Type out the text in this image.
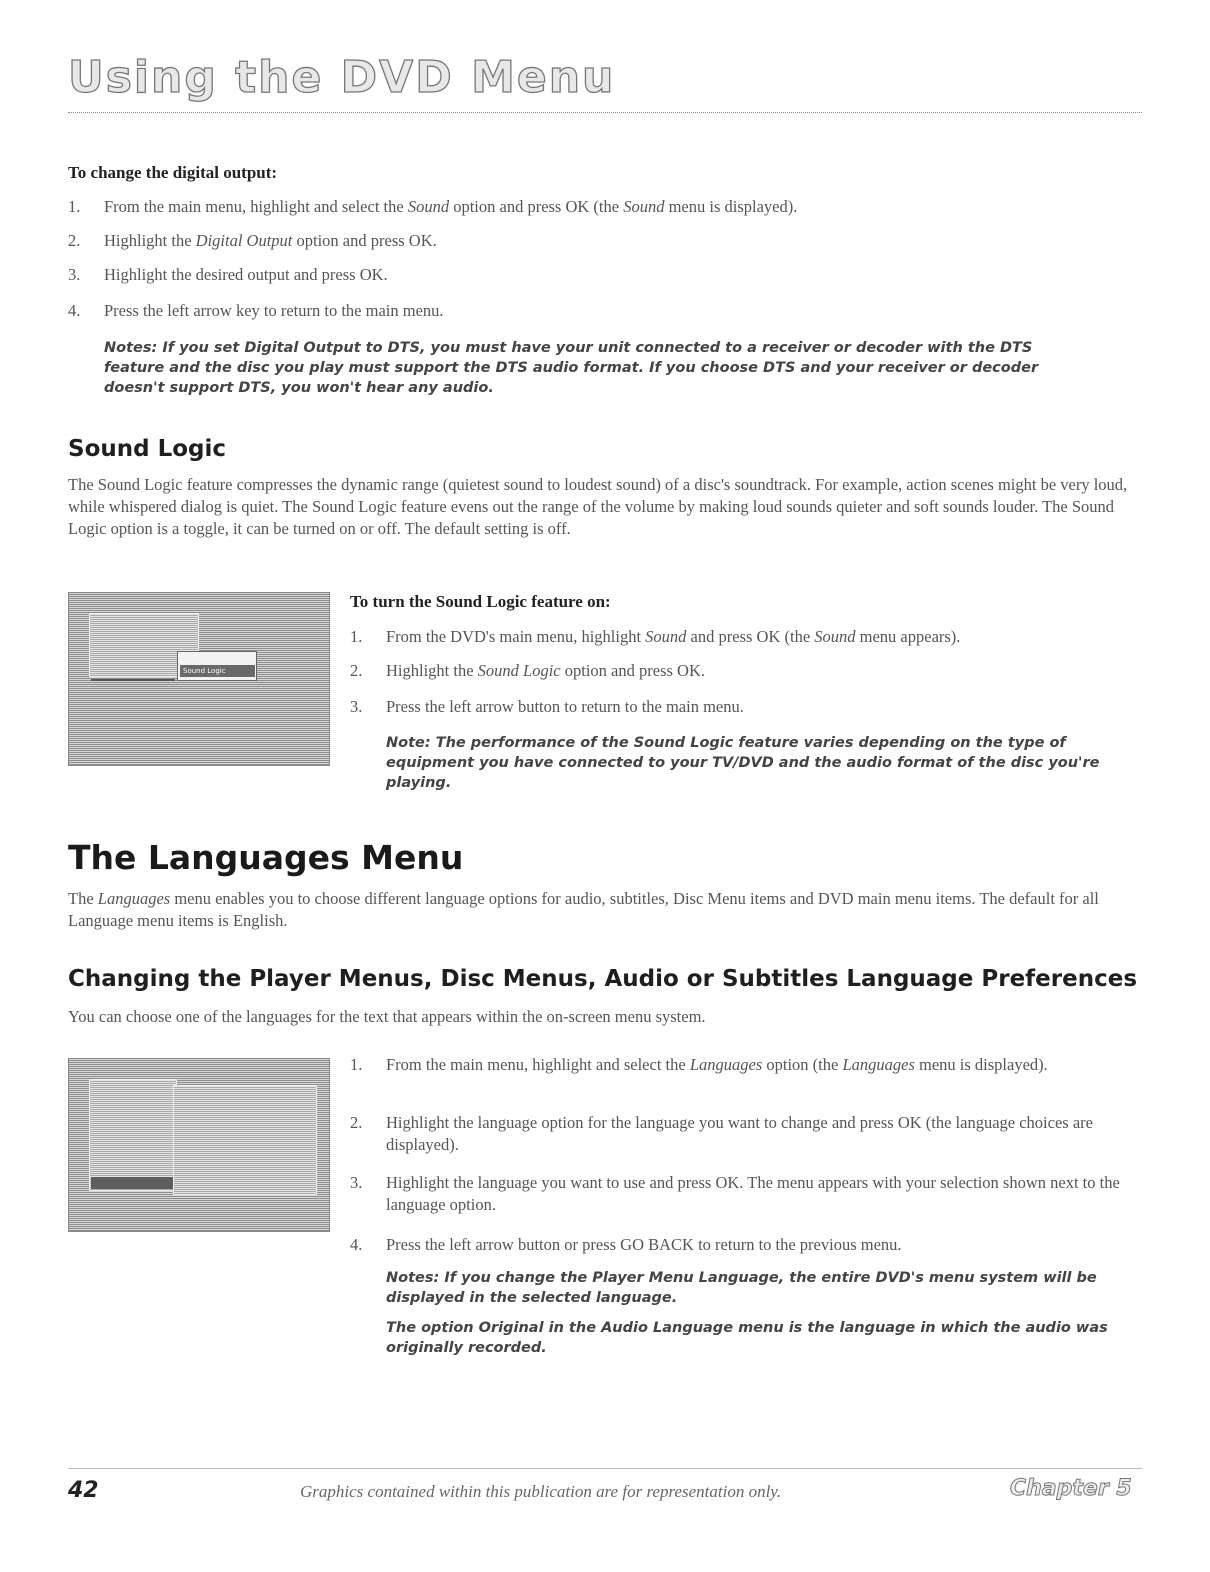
Using the DVD Menu
To change the digital output:
1. From the main menu, highlight and select the Sound option and press OK (the Sound menu is displayed).
2. Highlight the Digital Output option and press OK.
3. Highlight the desired output and press OK.
4. Press the left arrow key to return to the main menu.
Notes: If you set Digital Output to DTS, you must have your unit connected to a receiver or decoder with the DTS feature and the disc you play must support the DTS audio format. If you choose DTS and your receiver or decoder doesn't support DTS, you won't hear any audio.
Sound Logic
The Sound Logic feature compresses the dynamic range (quietest sound to loudest sound) of a disc's soundtrack. For example, action scenes might be very loud, while whispered dialog is quiet. The Sound Logic feature evens out the range of the volume by making loud sounds quieter and soft sounds louder. The Sound Logic option is a toggle, it can be turned on or off. The default setting is off.
Sound Logic
To turn the Sound Logic feature on:
1. From the DVD's main menu, highlight Sound and press OK (the Sound menu appears).
2. Highlight the Sound Logic option and press OK.
3. Press the left arrow button to return to the main menu.
Note: The performance of the Sound Logic feature varies depending on the type of equipment you have connected to your TV/DVD and the audio format of the disc you're playing.
The Languages Menu
The Languages menu enables you to choose different language options for audio, subtitles, Disc Menu items and DVD main menu items. The default for all Language menu items is English.
Changing the Player Menus, Disc Menus, Audio or Subtitles Language Preferences
You can choose one of the languages for the text that appears within the on-screen menu system.
1. From the main menu, highlight and select the Languages option (the Languages menu is displayed).
2. Highlight the language option for the language you want to change and press OK (the language choices are displayed).
3. Highlight the language you want to use and press OK. The menu appears with your selection shown next to the language option.
4. Press the left arrow button or press GO BACK to return to the previous menu.
Notes: If you change the Player Menu Language, the entire DVD's menu system will be displayed in the selected language.
The option Original in the Audio Language menu is the language in which the audio was originally recorded.
42	Graphics contained within this publication are for representation only.	Chapter 5
